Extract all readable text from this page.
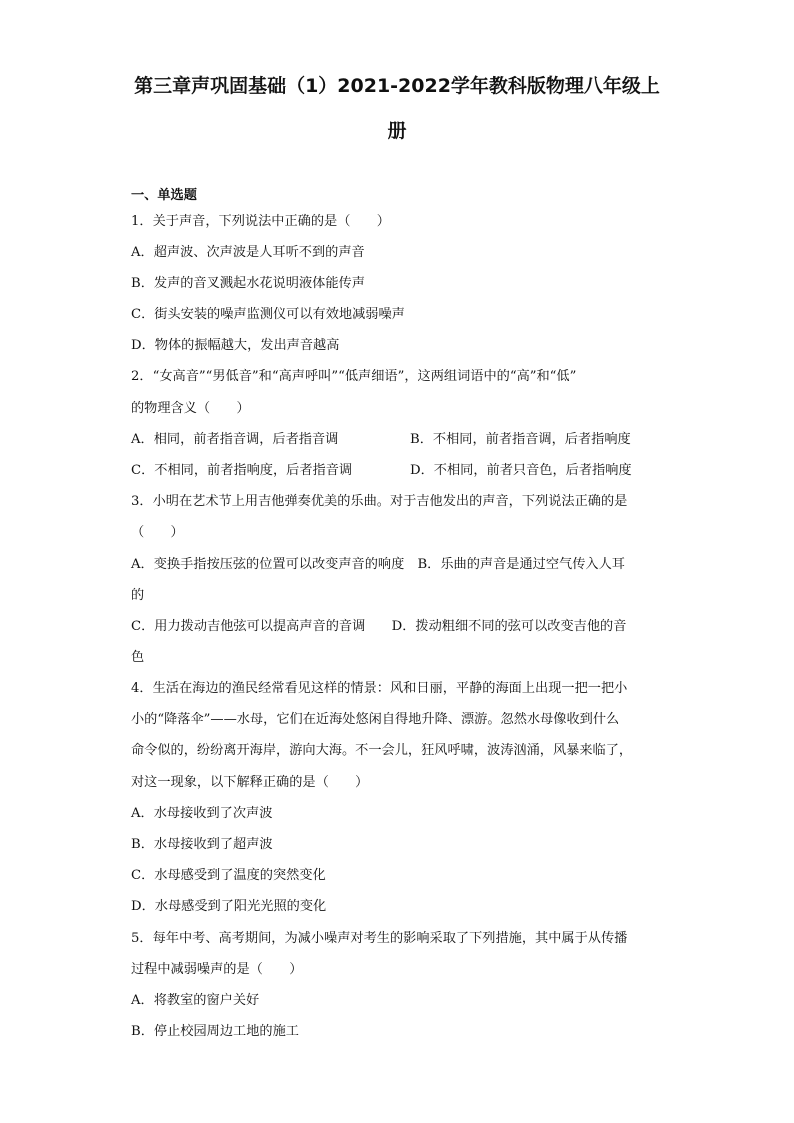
第三章声巩固基础（1）2021-2022学年教科版物理八年级上
册

一、单选题

1．关于声音，下列说法中正确的是（　　）

A．超声波、次声波是人耳听不到的声音

B．发声的音叉溅起水花说明液体能传声

C．街头安装的噪声监测仪可以有效地减弱噪声

D．物体的振幅越大，发出声音越高

2．“女高音”“男低音”和“高声呼叫”“低声细语”，这两组词语中的“高”和“低”

的物理含义（　　）

A．相同，前者指音调，后者指音调	B．不相同，前者指音调，后者指响度

C．不相同，前者指响度，后者指音调	D．不相同，前者只音色，后者指响度

3．小明在艺术节上用吉他弹奏优美的乐曲。对于吉他发出的声音，下列说法正确的是

（　　）

A．变换手指按压弦的位置可以改变声音的响度　B．乐曲的声音是通过空气传入人耳

的

C．用力拨动吉他弦可以提高声音的音调　　D．拨动粗细不同的弦可以改变吉他的音

色

4．生活在海边的渔民经常看见这样的情景：风和日丽，平静的海面上出现一把一把小

小的“降落伞”——水母，它们在近海处悠闲自得地升降、漂游。忽然水母像收到什么

命令似的，纷纷离开海岸，游向大海。不一会儿，狂风呼啸，波涛汹涌，风暴来临了，

对这一现象，以下解释正确的是（　　）

A．水母接收到了次声波

B．水母接收到了超声波

C．水母感受到了温度的突然变化

D．水母感受到了阳光光照的变化

5．每年中考、高考期间，为减小噪声对考生的影响采取了下列措施，其中属于从传播

过程中减弱噪声的是（　　）

A．将教室的窗户关好

B．停止校园周边工地的施工
